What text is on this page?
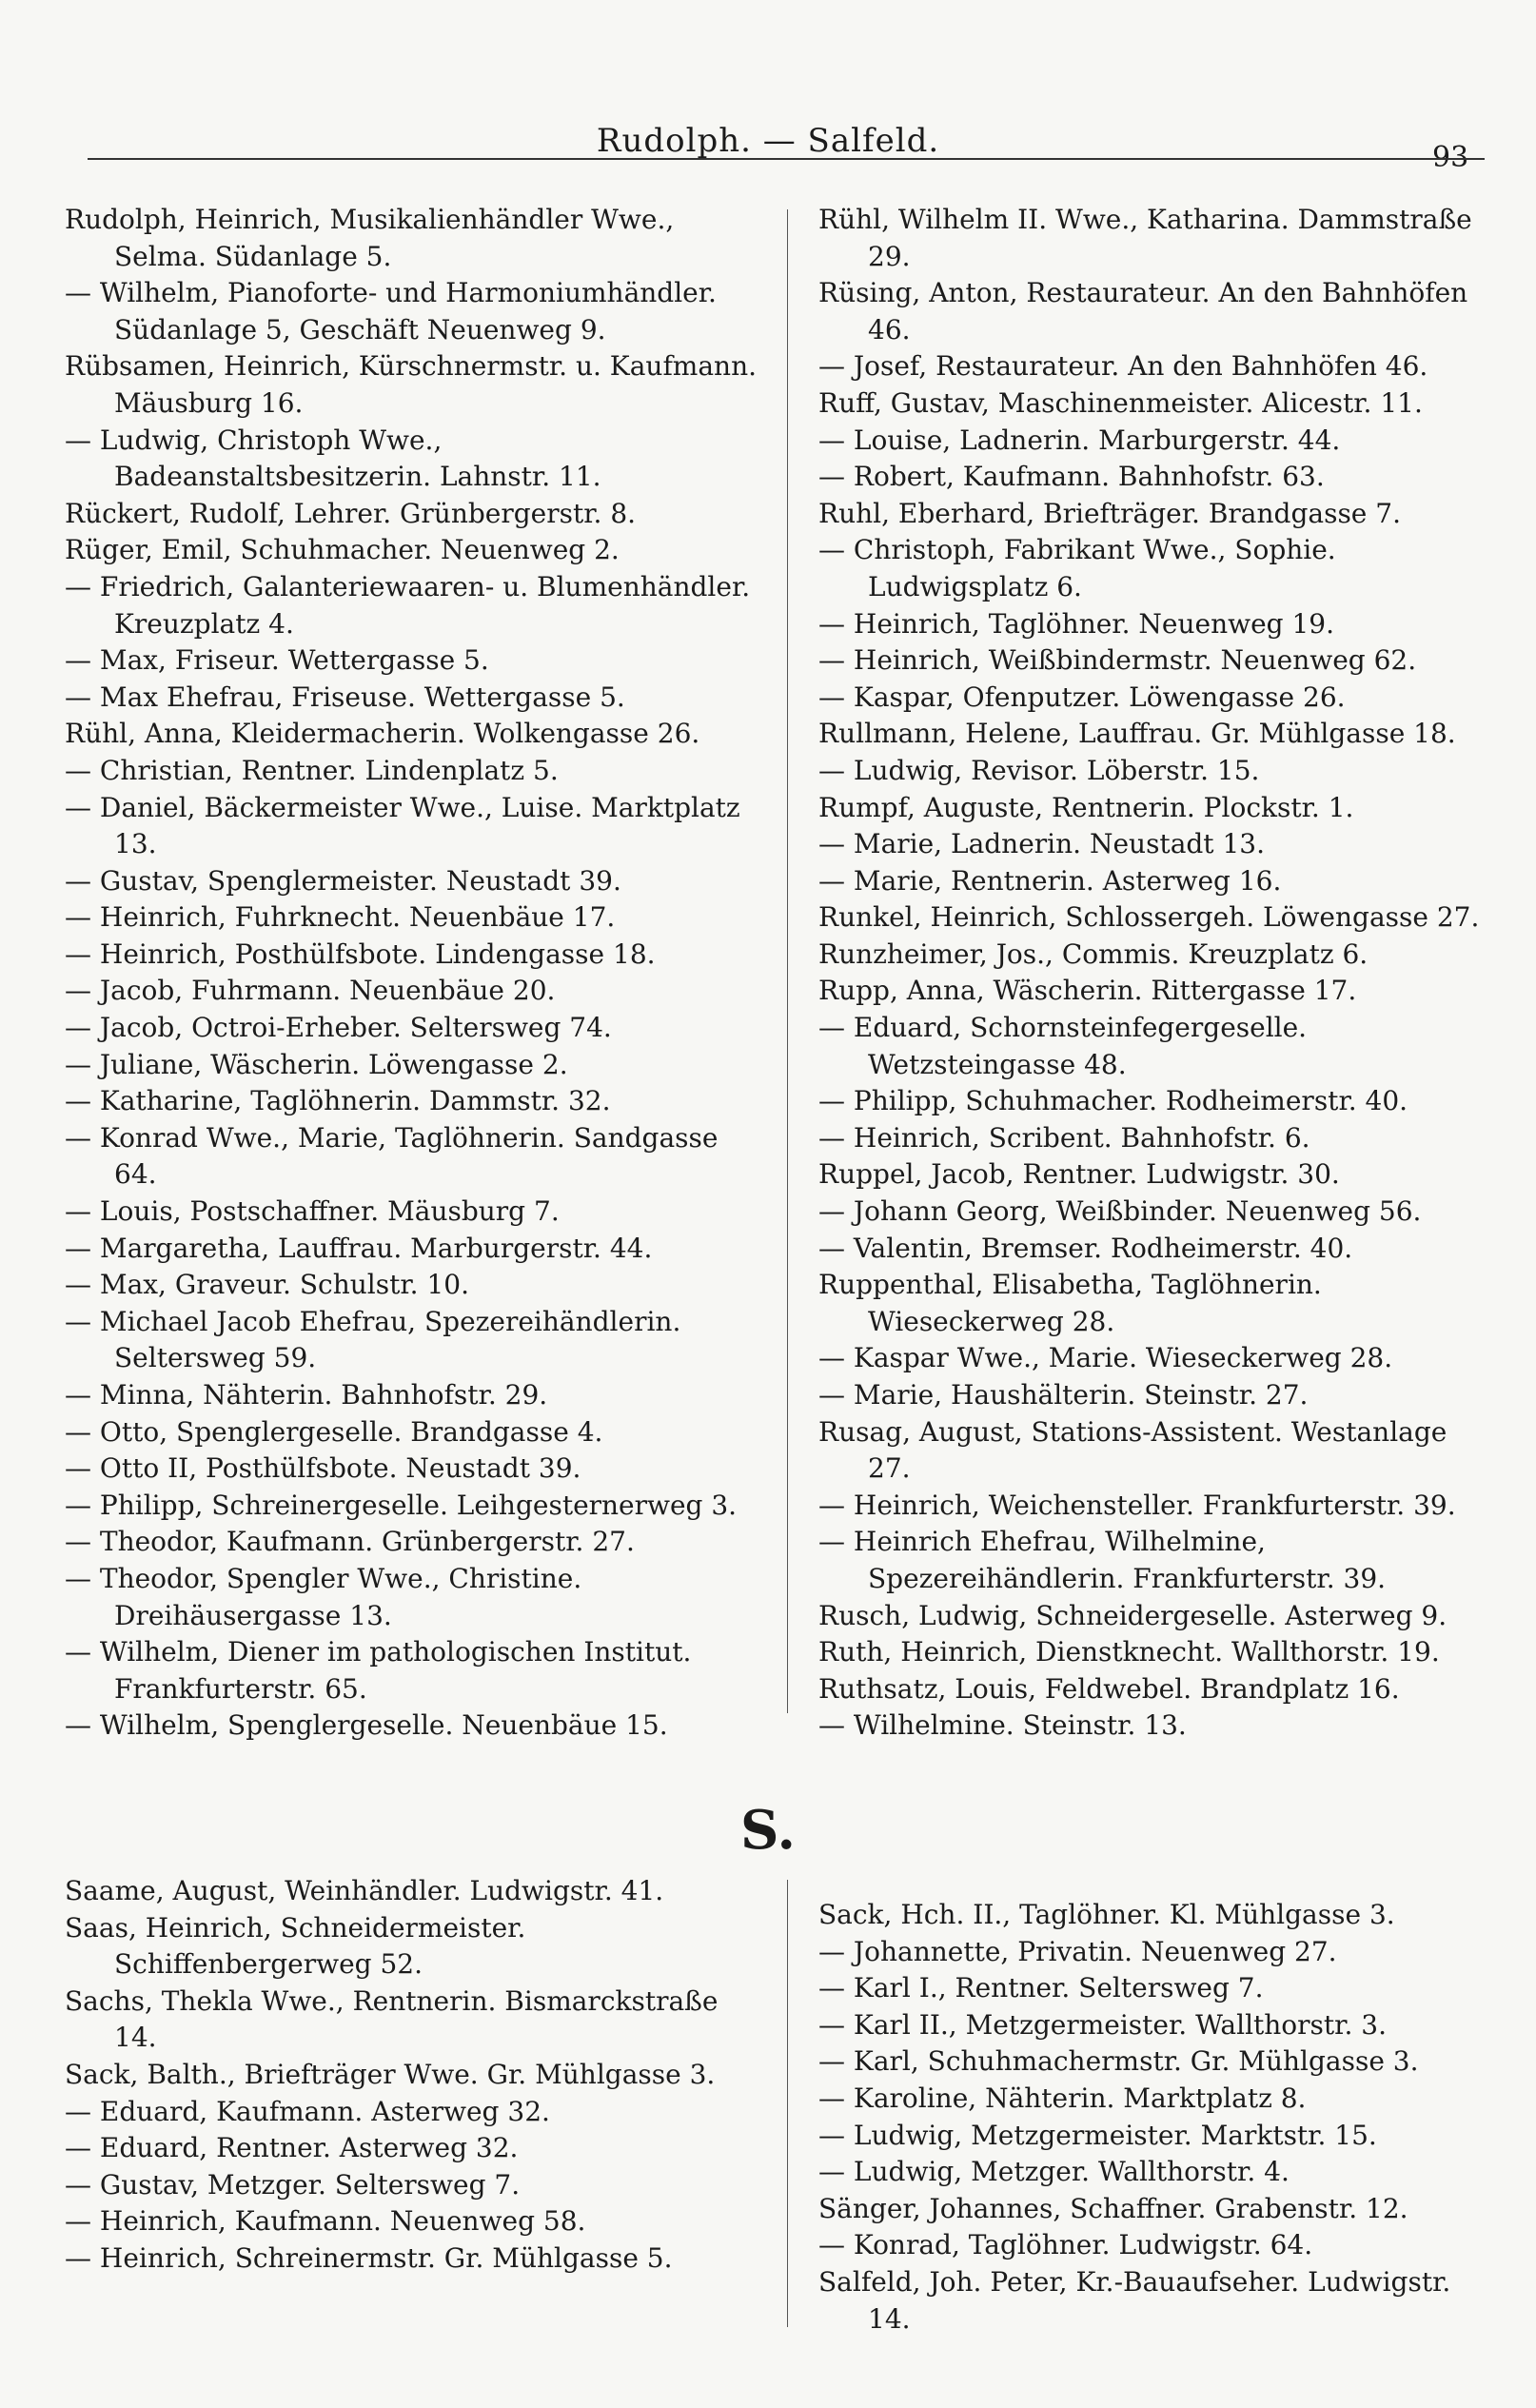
Rudolph. — Salfeld.	93
Rudolph, Heinrich, Musikalienhändler Wwe., Selma. Südanlage 5.
— Wilhelm, Pianoforte- und Harmoniumhändler. Südanlage 5, Geschäft Neuenweg 9.
Rübsamen, Heinrich, Kürschnermstr. u. Kaufmann. Mäusburg 16.
— Ludwig, Christoph Wwe., Badeanstaltsbesitzerin. Lahnstr. 11.
Rückert, Rudolf, Lehrer. Grünbergerstr. 8.
Rüger, Emil, Schuhmacher. Neuenweg 2.
— Friedrich, Galanteriewaaren- u. Blumenhändler. Kreuzplatz 4.
— Max, Friseur. Wettergasse 5.
— Max Ehefrau, Friseuse. Wettergasse 5.
Rühl, Anna, Kleidermacherin. Wolkengasse 26.
— Christian, Rentner. Lindenplatz 5.
— Daniel, Bäckermeister Wwe., Luise. Marktplatz 13.
— Gustav, Spenglermeister. Neustadt 39.
— Heinrich, Fuhrknecht. Neuenbäue 17.
— Heinrich, Posthülfsbote. Lindengasse 18.
— Jacob, Fuhrmann. Neuenbäue 20.
— Jacob, Octroi-Erheber. Seltersweg 74.
— Juliane, Wäscherin. Löwengasse 2.
— Katharine, Taglöhnerin. Dammstr. 32.
— Konrad Wwe., Marie, Taglöhnerin. Sandgasse 64.
— Louis, Postschaffner. Mäusburg 7.
— Margaretha, Lauffrau. Marburgerstr. 44.
— Max, Graveur. Schulstr. 10.
— Michael Jacob Ehefrau, Spezereihändlerin. Seltersweg 59.
— Minna, Nähterin. Bahnhofstr. 29.
— Otto, Spenglergeselle. Brandgasse 4.
— Otto II, Posthülfsbote. Neustadt 39.
— Philipp, Schreinergeselle. Leihgesternerweg 3.
— Theodor, Kaufmann. Grünbergerstr. 27.
— Theodor, Spengler Wwe., Christine. Dreihäusergasse 13.
— Wilhelm, Diener im pathologischen Institut. Frankfurterstr. 65.
— Wilhelm, Spenglergeselle. Neuenbäue 15.
Rühl, Wilhelm II. Wwe., Katharina. Dammstraße 29.
Rüsing, Anton, Restaurateur. An den Bahnhöfen 46.
— Josef, Restaurateur. An den Bahnhöfen 46.
Ruff, Gustav, Maschinenmeister. Alicestr. 11.
— Louise, Ladnerin. Marburgerstr. 44.
— Robert, Kaufmann. Bahnhofstr. 63.
Ruhl, Eberhard, Briefträger. Brandgasse 7.
— Christoph, Fabrikant Wwe., Sophie. Ludwigsplatz 6.
— Heinrich, Taglöhner. Neuenweg 19.
— Heinrich, Weißbindermstr. Neuenweg 62.
— Kaspar, Ofenputzer. Löwengasse 26.
Rullmann, Helene, Lauffrau. Gr. Mühlgasse 18.
— Ludwig, Revisor. Löberstr. 15.
Rumpf, Auguste, Rentnerin. Plockstr. 1.
— Marie, Ladnerin. Neustadt 13.
— Marie, Rentnerin. Asterweg 16.
Runkel, Heinrich, Schlossergeh. Löwengasse 27.
Runzheimer, Jos., Commis. Kreuzplatz 6.
Rupp, Anna, Wäscherin. Rittergasse 17.
— Eduard, Schornsteinfegergeselle. Wetzsteingasse 48.
— Philipp, Schuhmacher. Rodheimerstr. 40.
— Heinrich, Scribent. Bahnhofstr. 6.
Ruppel, Jacob, Rentner. Ludwigstr. 30.
— Johann Georg, Weißbinder. Neuenweg 56.
— Valentin, Bremser. Rodheimerstr. 40.
Ruppenthal, Elisabetha, Taglöhnerin. Wieseckerweg 28.
— Kaspar Wwe., Marie. Wieseckerweg 28.
— Marie, Haushälterin. Steinstr. 27.
Rusag, August, Stations-Assistent. Westanlage 27.
— Heinrich, Weichensteller. Frankfurterstr. 39.
— Heinrich Ehefrau, Wilhelmine, Spezereihändlerin. Frankfurterstr. 39.
Rusch, Ludwig, Schneidergeselle. Asterweg 9.
Ruth, Heinrich, Dienstknecht. Wallthorstr. 19.
Ruthsatz, Louis, Feldwebel. Brandplatz 16.
— Wilhelmine. Steinstr. 13.
S.
Saame, August, Weinhändler. Ludwigstr. 41.
Saas, Heinrich, Schneidermeister. Schiffenbergerweg 52.
Sachs, Thekla Wwe., Rentnerin. Bismarckstraße 14.
Sack, Balth., Briefträger Wwe. Gr. Mühlgasse 3.
— Eduard, Kaufmann. Asterweg 32.
— Eduard, Rentner. Asterweg 32.
— Gustav, Metzger. Seltersweg 7.
— Heinrich, Kaufmann. Neuenweg 58.
— Heinrich, Schreinermstr. Gr. Mühlgasse 5.
Sack, Hch. II., Taglöhner. Kl. Mühlgasse 3.
— Johannette, Privatin. Neuenweg 27.
— Karl I., Rentner. Seltersweg 7.
— Karl II., Metzgermeister. Wallthorstr. 3.
— Karl, Schuhmachermstr. Gr. Mühlgasse 3.
— Karoline, Nähterin. Marktplatz 8.
— Ludwig, Metzgermeister. Marktstr. 15.
— Ludwig, Metzger. Wallthorstr. 4.
Sänger, Johannes, Schaffner. Grabenstr. 12.
— Konrad, Taglöhner. Ludwigstr. 64.
Salfeld, Joh. Peter, Kr.-Bauaufseher. Ludwigstr. 14.
